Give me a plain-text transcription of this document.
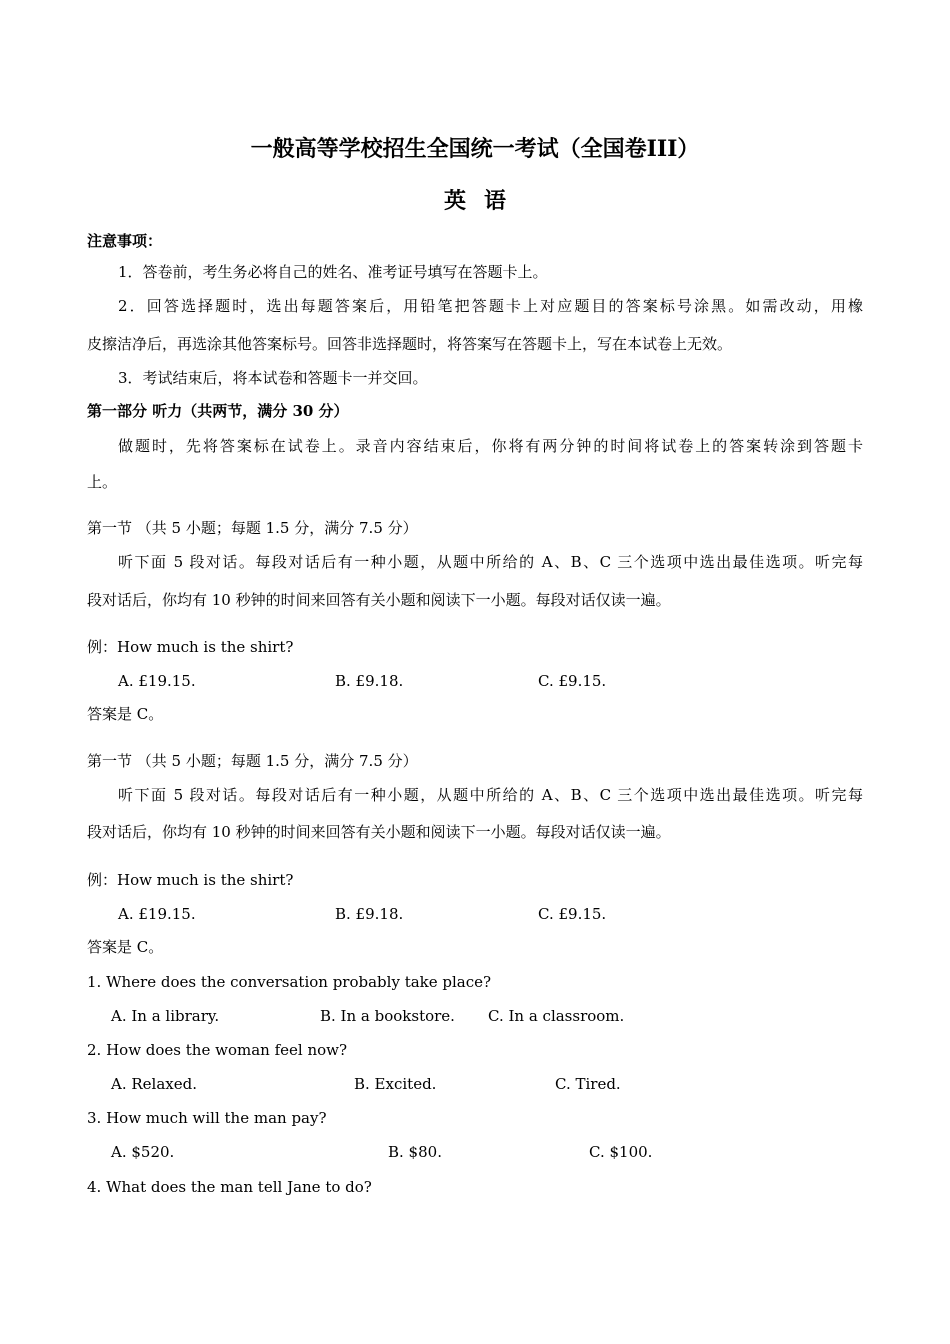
一般高等学校招生全国统一考试（全国卷III）
英语
注意事项：
1．答卷前，考生务必将自己的姓名、准考证号填写在答题卡上。
2．回答选择题时，选出每题答案后，用铅笔把答题卡上对应题目的答案标号涂黑。如需改动，用橡
皮擦洁净后，再选涂其他答案标号。回答非选择题时，将答案写在答题卡上，写在本试卷上无效。
3．考试结束后，将本试卷和答题卡一并交回。
第一部分 听力（共两节，满分 30 分）
做题时，先将答案标在试卷上。录音内容结束后，你将有两分钟的时间将试卷上的答案转涂到答题卡
上。
第一节 （共 5 小题；每题 1.5 分，满分 7.5 分）
听下面 5 段对话。每段对话后有一种小题，从题中所给的 A、B、C 三个选项中选出最佳选项。听完每
段对话后，你均有 10 秒钟的时间来回答有关小题和阅读下一小题。每段对话仅读一遍。
例：How much is the shirt?
A. £19.15.	B. £9.18.	C. £9.15.
答案是 C。
第一节 （共 5 小题；每题 1.5 分，满分 7.5 分）
听下面 5 段对话。每段对话后有一种小题，从题中所给的 A、B、C 三个选项中选出最佳选项。听完每
段对话后，你均有 10 秒钟的时间来回答有关小题和阅读下一小题。每段对话仅读一遍。
例：How much is the shirt?
A. £19.15.	B. £9.18.	C. £9.15.
答案是 C。
1. Where does the conversation probably take place?
A. In a library.	B. In a bookstore. C. In a classroom.
2. How does the woman feel now?
A. Relaxed.	B. Excited.	C. Tired.
3. How much will the man pay?
A. $520.	B. $80.	C. $100.
4. What does the man tell Jane to do?
